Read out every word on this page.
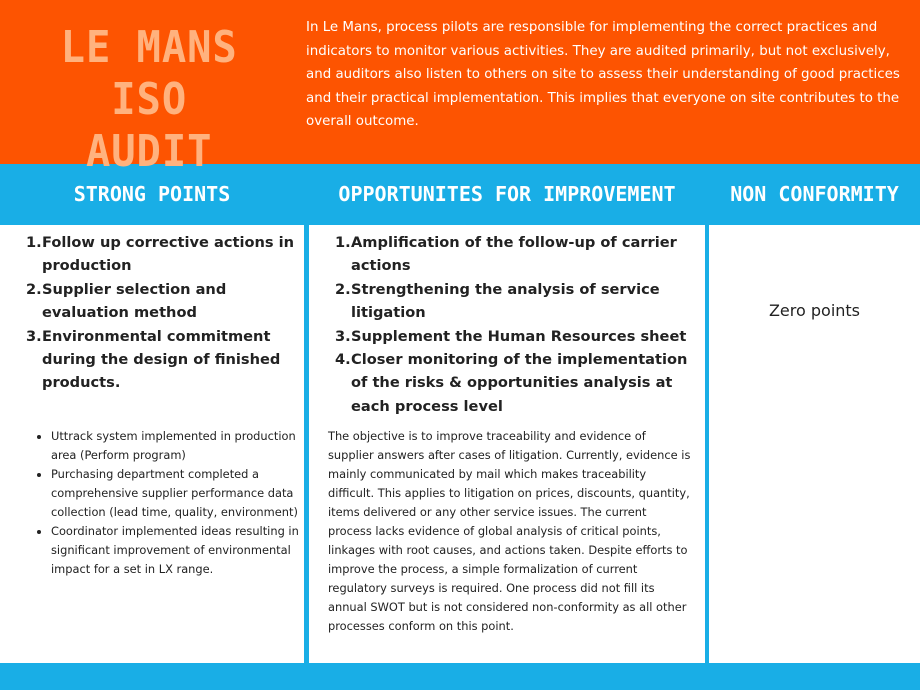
LE MANS
ISO AUDIT
In Le Mans, process pilots are responsible for implementing the correct practices and indicators to monitor various activities. They are audited primarily, but not exclusively, and auditors also listen to others on site to assess their understanding of good practices and their practical implementation. This implies that everyone on site contributes to the overall outcome.
STRONG POINTS	OPPORTUNITES FOR IMPROVEMENT	NON CONFORMITY
1. Follow up corrective actions in production
2. Supplier selection and evaluation method
3. Environmental commitment during the design of finished products.
• Uttrack system implemented in production area (Perform program)
• Purchasing department completed a comprehensive supplier performance data collection (lead time, quality, environment)
• Coordinator implemented ideas resulting in significant improvement of environmental impact for a set in LX range.
1. Amplification of the follow-up of carrier actions
2. Strengthening the analysis of service litigation
3. Supplement the Human Resources sheet
4. Closer monitoring of the implementation of the risks & opportunities analysis at each process level
The objective is to improve traceability and evidence of supplier answers after cases of litigation. Currently, evidence is mainly communicated by mail which makes traceability difficult. This applies to litigation on prices, discounts, quantity, items delivered or any other service issues. The current process lacks evidence of global analysis of critical points, linkages with root causes, and actions taken. Despite efforts to improve the process, a simple formalization of current regulatory surveys is required. One process did not fill its annual SWOT but is not considered non-conformity as all other processes conform on this point.
Zero points
